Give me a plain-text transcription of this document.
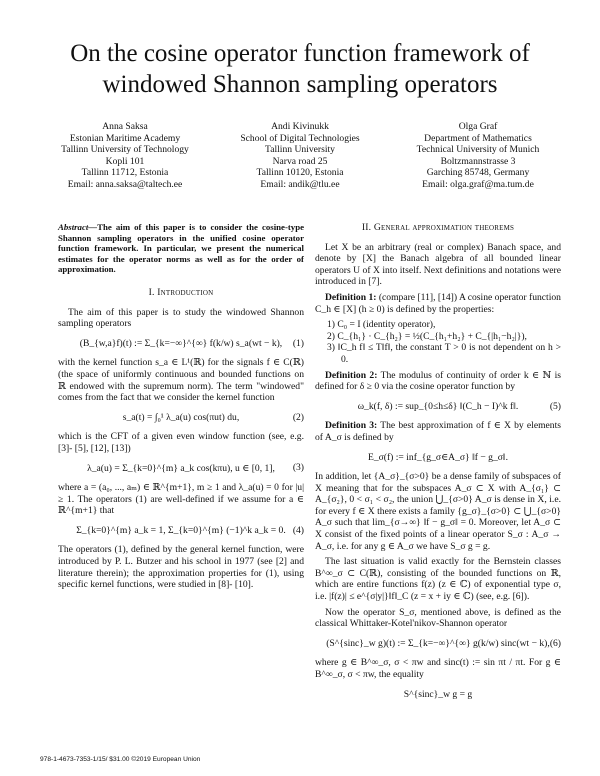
On the cosine operator function framework of windowed Shannon sampling operators
Anna Saksa
Estonian Maritime Academy
Tallinn University of Technology
Kopli 101
Tallinn 11712, Estonia
Email: anna.saksa@taltech.ee
Andi Kivinukk
School of Digital Technologies
Tallinn University
Narva road 25
Tallinn 10120, Estonia
Email: andik@tlu.ee
Olga Graf
Department of Mathematics
Technical University of Munich
Boltzmannstrasse 3
Garching 85748, Germany
Email: olga.graf@ma.tum.de
Abstract—The aim of this paper is to consider the cosine-type Shannon sampling operators in the unified cosine operator function framework. In particular, we present the numerical estimates for the operator norms as well as for the order of approximation.
I. Introduction

The aim of this paper is to study the windowed Shannon sampling operators

(B_{w,a}f)(t) := Σ_{k=−∞}^{∞} f(k/w) s_a(wt − k), (1)

with the kernel function s_a ∈ L¹(ℝ) for the signals f ∈ C(ℝ) (the space of uniformly continuous and bounded functions on ℝ endowed with the supremum norm). The term "windowed" comes from the fact that we consider the kernel function

s_a(t) = ∫₀¹ λ_a(u) cos(πut) du,	(2)

which is the CFT of a given even window function (see, e.g. [3]- [5], [12], [13])

λ_a(u) = Σ_{k=0}^{m} a_k cos(kπu), u ∈ [0, 1], (3)

where a = (a₀, ..., aₘ) ∈ ℝ^{m+1}, m ≥ 1 and λ_a(u) = 0 for |u| ≥ 1. The operators (1) are well-defined if we assume for a ∈ ℝ^{m+1} that

Σ_{k=0}^{m} a_k = 1, Σ_{k=0}^{m} (−1)^k a_k = 0. (4)

The operators (1), defined by the general kernel function, were introduced by P. L. Butzer and his school in 1977 (see [2] and literature therein); the approximation properties for (1), using specific kernel functions, were studied in [8]- [10].

II. General approximation theorems

Let X be an arbitrary (real or complex) Banach space, and denote by [X] the Banach algebra of all bounded linear operators U of X into itself. Next definitions and notations were introduced in [7].

Definition 1: (compare [11], [14]) A cosine operator function C_h ∈ [X] (h ≥ 0) is defined by the properties:

1) C₀ = I (identity operator),
2) C_{h₁} · C_{h₂} = ½(C_{h₁+h₂} + C_{|h₁−h₂|}),
3) ‖C_h f‖ ≤ T‖f‖, the constant T > 0 is not dependent on h > 0.

Definition 2: The modulus of continuity of order k ∈ ℕ is defined for δ ≥ 0 via the cosine operator function by

ω_k(f, δ) := sup_{0≤h≤δ} ‖(C_h − I)^k f‖.	(5)

Definition 3: The best approximation of f ∈ X by elements of A_σ is defined by

E_σ(f) := inf_{g_σ∈A_σ} ‖f − g_σ‖.

In addition, let {A_σ}_{σ>0} be a dense family of subspaces of X meaning that for the subspaces A_σ ⊂ X with A_{σ₁} ⊂ A_{σ₂}, 0 < σ₁ < σ₂, the union ⋃_{σ>0} A_σ is dense in X, i.e. for every f ∈ X there exists a family {g_σ}_{σ>0} ⊂ ⋃_{σ>0} A_σ such that lim_{σ→∞} ‖f − g_σ‖ = 0. Moreover, let A_σ ⊂ X consist of the fixed points of a linear operator S_σ : A_σ → A_σ, i.e. for any g ∈ A_σ we have S_σ g = g.

The last situation is valid exactly for the Bernstein classes B^∞_σ ⊂ C(ℝ), consisting of the bounded functions on ℝ, which are entire functions f(z) (z ∈ ℂ) of exponential type σ, i.e. |f(z)| ≤ e^{σ|y|}‖f‖_C (z = x + iy ∈ ℂ) (see, e.g. [6]).

Now the operator S_σ, mentioned above, is defined as the classical Whittaker-Kotel'nikov-Shannon operator

(S^{sinc}_w g)(t) := Σ_{k=−∞}^{∞} g(k/w) sinc(wt − k), (6)

where g ∈ B^∞_σ, σ < πw and sinc(t) := sin πt / πt. For g ∈ B^∞_σ, σ < πw, the equality

S^{sinc}_w g = g
978-1-4673-7353-1/15/ $31.00 ©2019 European Union
